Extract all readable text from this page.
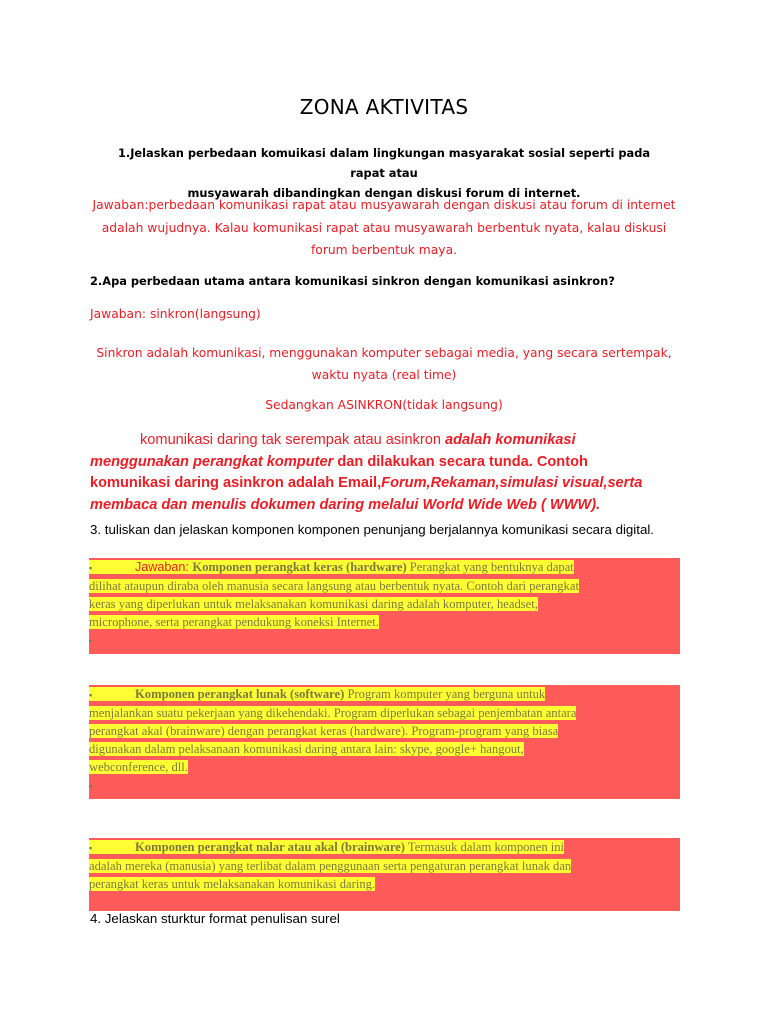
ZONA AKTIVITAS
1.Jelaskan perbedaan komuikasi dalam lingkungan masyarakat sosial seperti pada rapat atau
musyawarah dibandingkan dengan diskusi forum di internet.
Jawaban:perbedaan komunikasi rapat atau musyawarah dengan diskusi atau forum di internet
adalah wujudnya. Kalau komunikasi rapat atau musyawarah berbentuk nyata, kalau diskusi
forum berbentuk maya.
2.Apa perbedaan utama antara komunikasi sinkron dengan komunikasi asinkron?
Jawaban: sinkron(langsung)
Sinkron adalah komunikasi, menggunakan komputer sebagai media, yang secara sertempak,
waktu nyata (real time)
Sedangkan ASINKRON(tidak langsung)
komunikasi daring tak serempak atau asinkron adalah komunikasi
menggunakan perangkat komputer dan dilakukan secara tunda. Contoh
komunikasi daring asinkron adalah Email,Forum,Rekaman,simulasi visual,serta
membaca dan menulis dokumen daring melalui World Wide Web ( WWW).
3. tuliskan dan jelaskan komponen komponen penunjang berjalannya komunikasi secara digital.
▪	Jawaban: Komponen perangkat keras (hardware) Perangkat yang bentuknya dapat
dilihat ataupun diraba oleh manusia secara langsung atau berbentuk nyata. Contoh dari perangkat
keras yang diperlukan untuk melaksanakan komunikasi daring adalah komputer, headset,
microphone, serta perangkat pendukung koneksi Internet.
▪
▪	Komponen perangkat lunak (software) Program komputer yang berguna untuk
menjalankan suatu pekerjaan yang dikehendaki. Program diperlukan sebagai penjembatan antara
perangkat akal (brainware) dengan perangkat keras (hardware). Program-program yang biasa
digunakan dalam pelaksanaan komunikasi daring antara lain: skype, google+ hangout,
webconference, dll.
▪
▪	Komponen perangkat nalar atau akal (brainware) Termasuk dalam komponen ini
adalah mereka (manusia) yang terlibat dalam penggunaan serta pengaturan perangkat lunak dan
perangkat keras untuk melaksanakan komunikasi daring.
4. Jelaskan sturktur format penulisan surel
